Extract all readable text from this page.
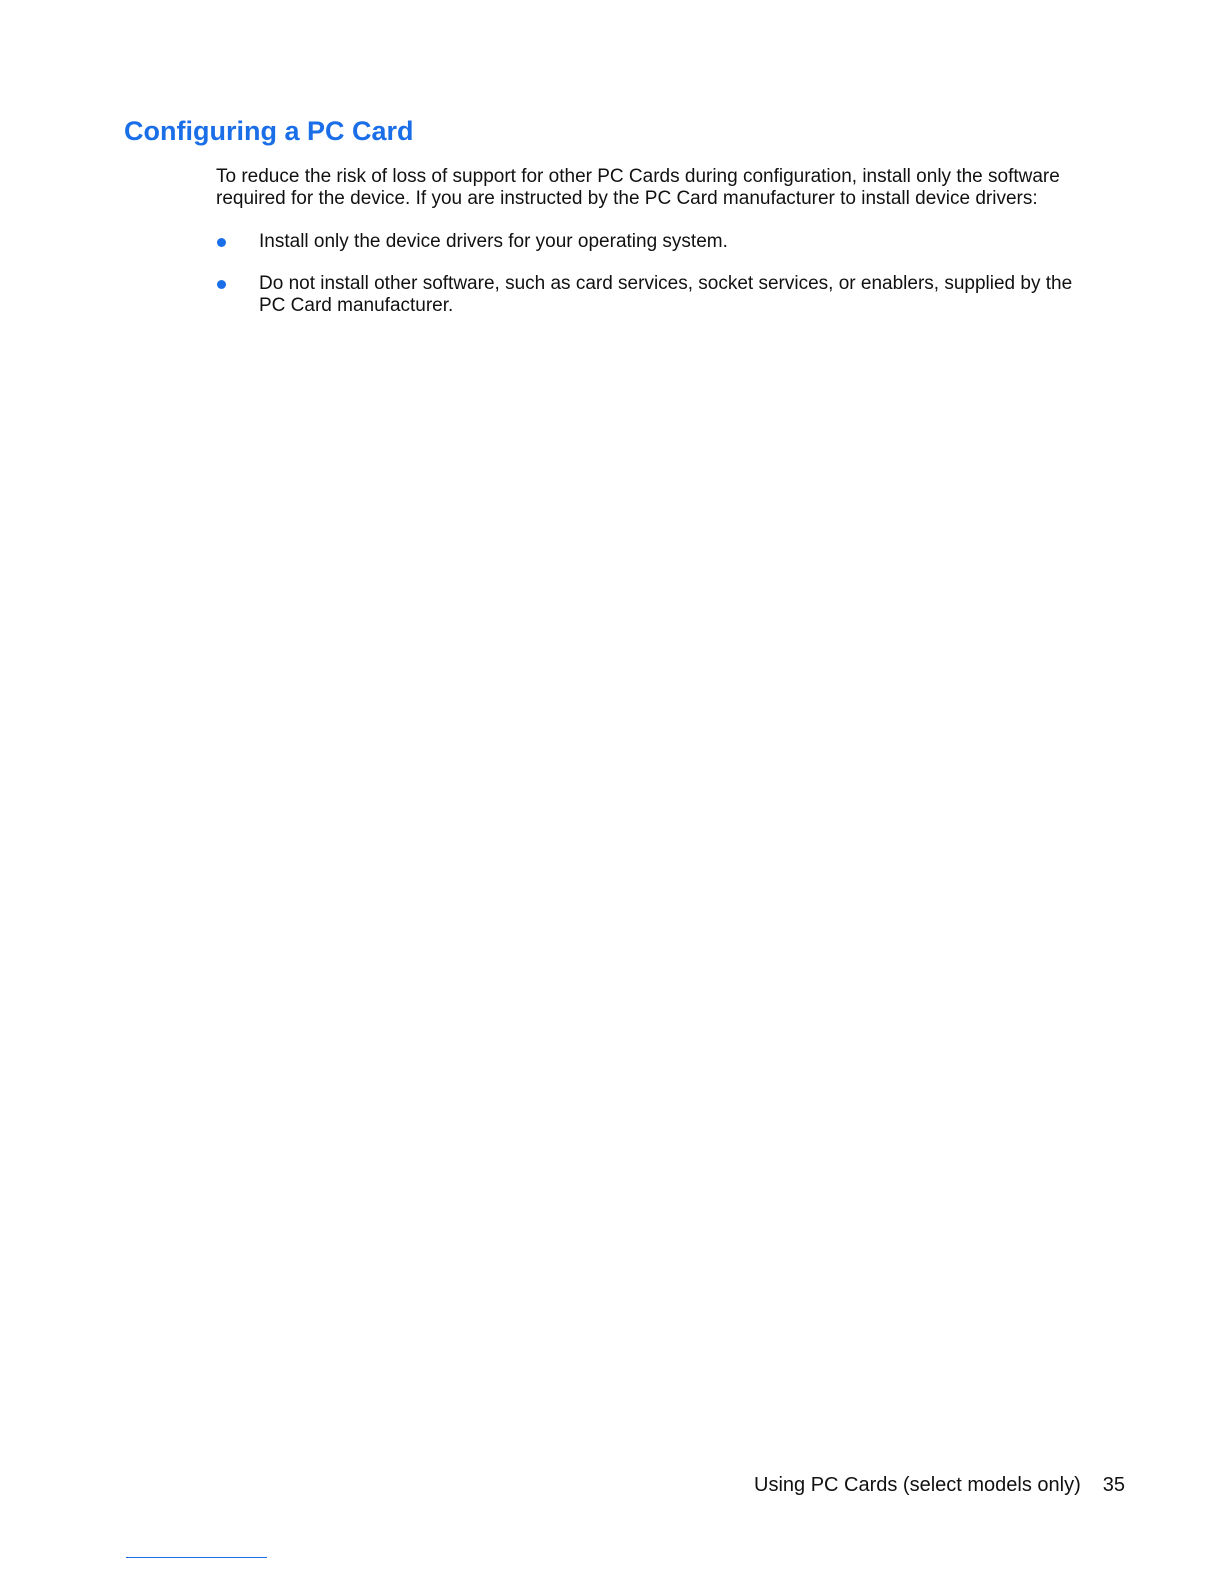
Configuring a PC Card

To reduce the risk of loss of support for other PC Cards during configuration, install only the software required for the device. If you are instructed by the PC Card manufacturer to install device drivers:

Install only the device drivers for your operating system.
Do not install other software, such as card services, socket services, or enablers, supplied by the PC Card manufacturer.
Using PC Cards (select models only) 35
